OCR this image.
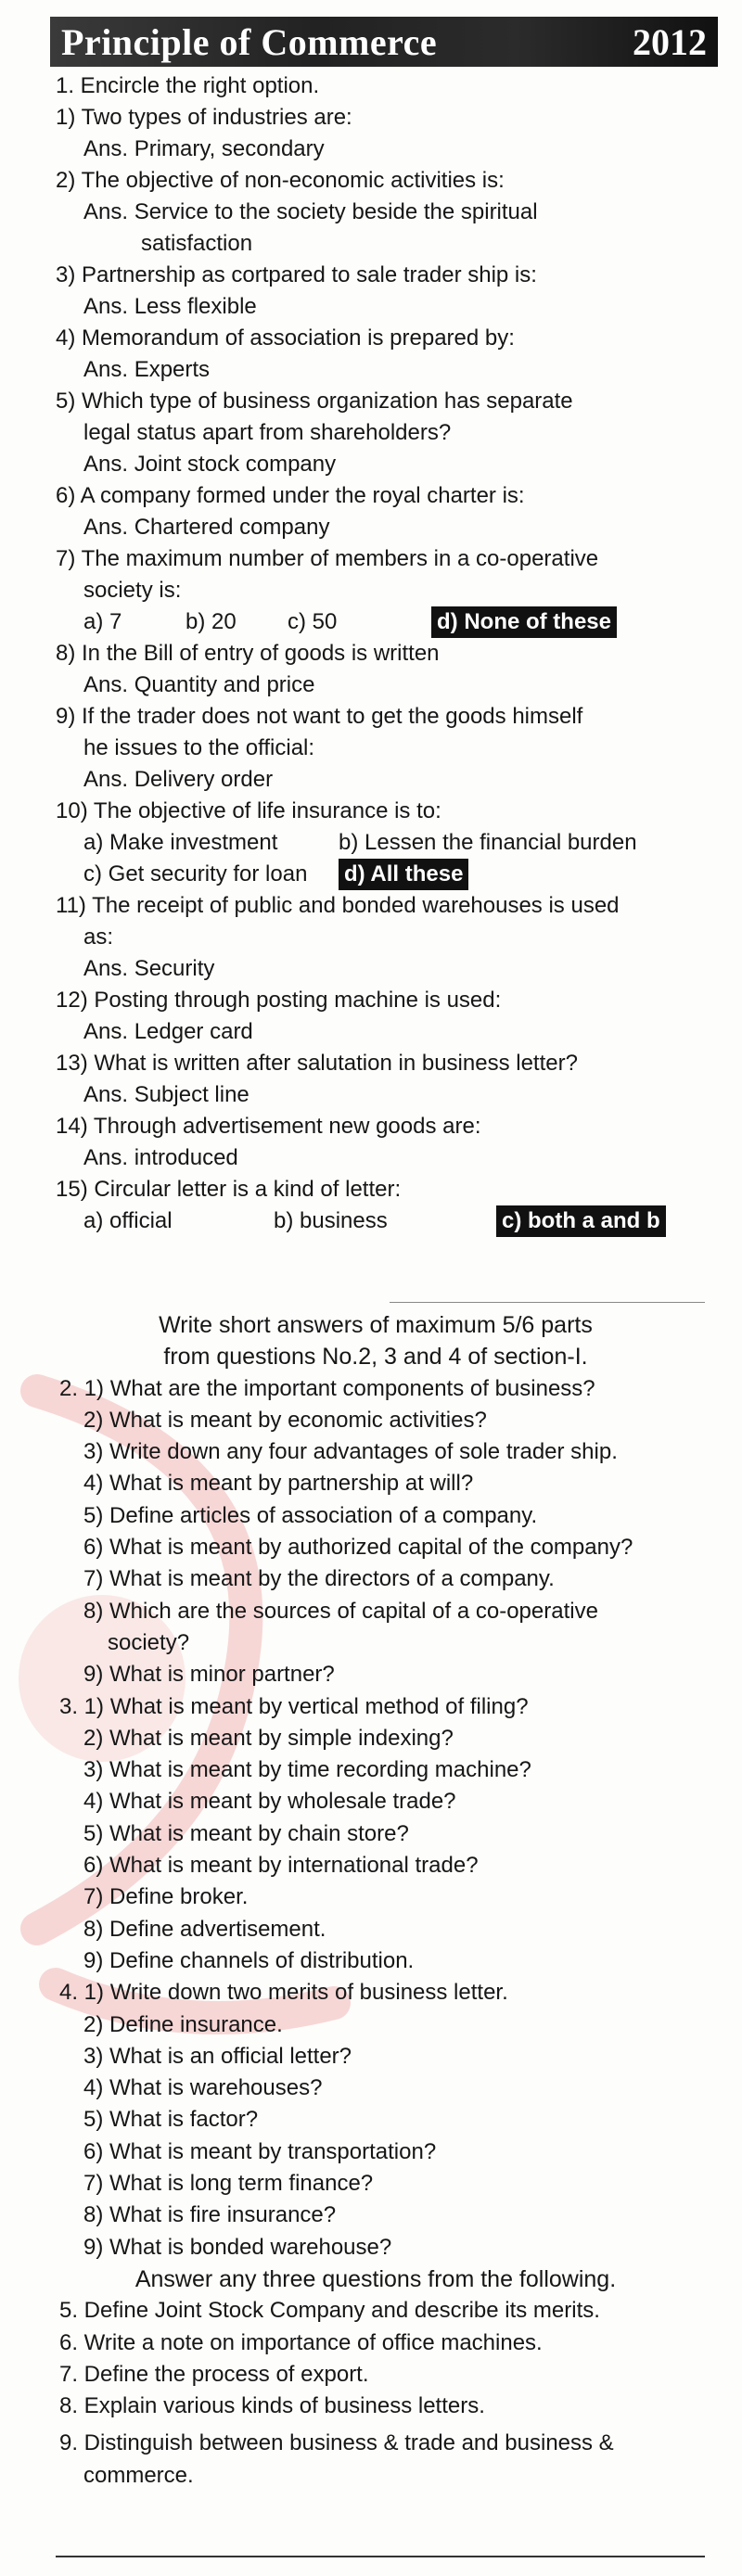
Principle of Commerce	2012
1. Encircle the right option.
1) Two types of industries are:
Ans. Primary, secondary
2) The objective of non-economic activities is:
Ans. Service to the society beside the spiritual
satisfaction
3) Partnership as cortpared to sale trader ship is:
Ans. Less flexible
4) Memorandum of association is prepared by:
Ans. Experts
5) Which type of business organization has separate
legal status apart from shareholders?
Ans. Joint stock company
6) A company formed under the royal charter is:
Ans. Chartered company
7) The maximum number of members in a co-operative
society is:
a) 7	b) 20	c) 50	d) None of these
8) In the Bill of entry of goods is written
Ans. Quantity and price
9) If the trader does not want to get the goods himself
he issues to the official:
Ans. Delivery order
10) The objective of life insurance is to:
a) Make investment	b) Lessen the financial burden
c) Get security for loan	d) All these
11) The receipt of public and bonded warehouses is used
as:
Ans. Security
12) Posting through posting machine is used:
Ans. Ledger card
13) What is written after salutation in business letter?
Ans. Subject line
14) Through advertisement new goods are:
Ans. introduced
15) Circular letter is a kind of letter:
a) official	b) business	c) both a and b
Write short answers of maximum 5/6 parts
from questions No.2, 3 and 4 of section-I.
2. 1) What are the important components of business?
2) What is meant by economic activities?
3) Write down any four advantages of sole trader ship.
4) What is meant by partnership at will?
5) Define articles of association of a company.
6) What is meant by authorized capital of the company?
7) What is meant by the directors of a company.
8) Which are the sources of capital of a co-operative
society?
9) What is minor partner?
3. 1) What is meant by vertical method of filing?
2) What is meant by simple indexing?
3) What is meant by time recording machine?
4) What is meant by wholesale trade?
5) What is meant by chain store?
6) What is meant by international trade?
7) Define broker.
8) Define advertisement.
9) Define channels of distribution.
4. 1) Write down two merits of business letter.
2) Define insurance.
3) What is an official letter?
4) What is warehouses?
5) What is factor?
6) What is meant by transportation?
7) What is long term finance?
8) What is fire insurance?
9) What is bonded warehouse?
Answer any three questions from the following.
5. Define Joint Stock Company and describe its merits.
6. Write a note on importance of office machines.
7. Define the process of export.
8. Explain various kinds of business letters.
9. Distinguish between business & trade and business &
commerce.
